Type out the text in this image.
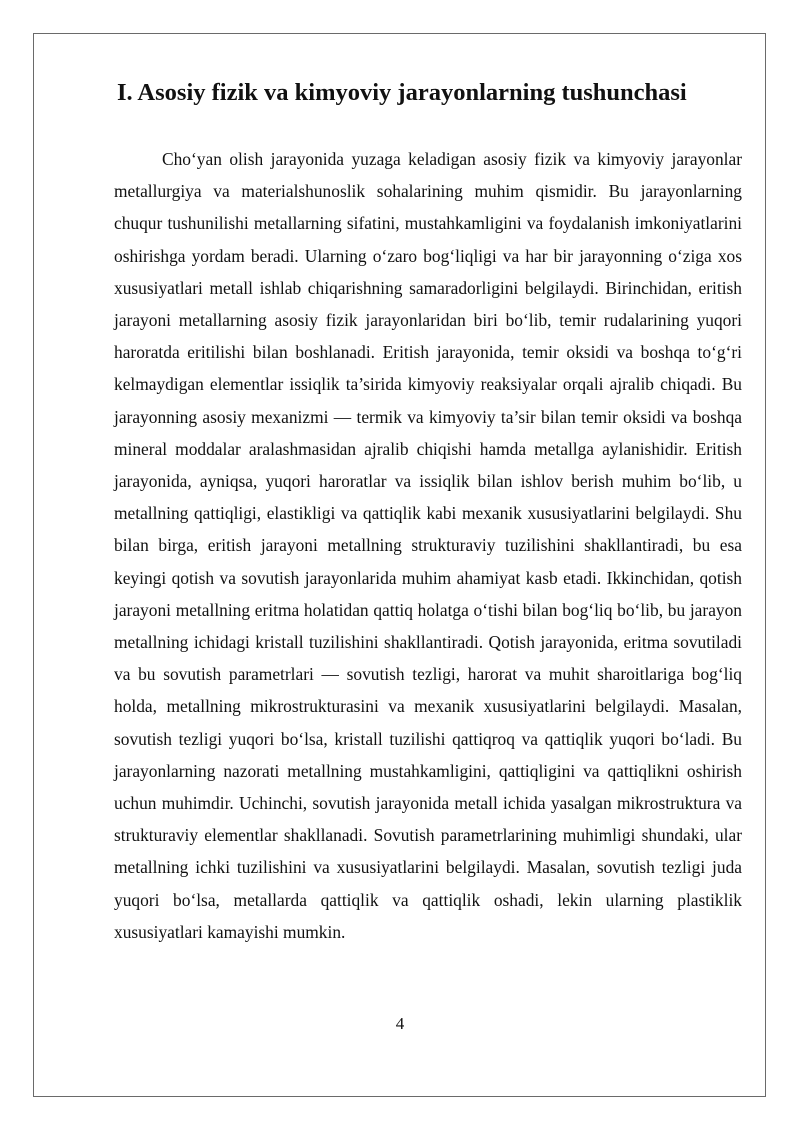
I. Asosiy fizik va kimyoviy jarayonlarning tushunchasi

Cho‘yan olish jarayonida yuzaga keladigan asosiy fizik va kimyoviy jarayonlar metallurgiya va materialshunoslik sohalarining muhim qismidir. Bu jarayonlarning chuqur tushunilishi metallarning sifatini, mustahkamligini va foydalanish imkoniyatlarini oshirishga yordam beradi. Ularning o‘zaro bog‘liqligi va har bir jarayonning o‘ziga xos xususiyatlari metall ishlab chiqarishning samaradorligini belgilaydi. Birinchidan, eritish jarayoni metallarning asosiy fizik jarayonlaridan biri bo‘lib, temir rudalarining yuqori haroratda eritilishi bilan boshlanadi. Eritish jarayonida, temir oksidi va boshqa to‘g‘ri kelmaydigan elementlar issiqlik ta’sirida kimyoviy reaksiyalar orqali ajralib chiqadi. Bu jarayonning asosiy mexanizmi — termik va kimyoviy ta’sir bilan temir oksidi va boshqa mineral moddalar aralashmasidan ajralib chiqishi hamda metallga aylanishidir. Eritish jarayonida, ayniqsa, yuqori haroratlar va issiqlik bilan ishlov berish muhim bo‘lib, u metallning qattiqligi, elastikligi va qattiqlik kabi mexanik xususiyatlarini belgilaydi. Shu bilan birga, eritish jarayoni metallning strukturaviy tuzilishini shakllantiradi, bu esa keyingi qotish va sovutish jarayonlarida muhim ahamiyat kasb etadi. Ikkinchidan, qotish jarayoni metallning eritma holatidan qattiq holatga o‘tishi bilan bog‘liq bo‘lib, bu jarayon metallning ichidagi kristall tuzilishini shakllantiradi. Qotish jarayonida, eritma sovutiladi va bu sovutish parametrlari — sovutish tezligi, harorat va muhit sharoitlariga bog‘liq holda, metallning mikrostrukturasini va mexanik xususiyatlarini belgilaydi. Masalan, sovutish tezligi yuqori bo‘lsa, kristall tuzilishi qattiqroq va qattiqlik yuqori bo‘ladi. Bu jarayonlarning nazorati metallning mustahkamligini, qattiqligini va qattiqlikni oshirish uchun muhimdir. Uchinchi, sovutish jarayonida metall ichida yasalgan mikrostruktura va strukturaviy elementlar shakllanadi. Sovutish parametrlarining muhimligi shundaki, ular metallning ichki tuzilishini va xususiyatlarini belgilaydi. Masalan, sovutish tezligi juda yuqori bo‘lsa, metallarda qattiqlik va qattiqlik oshadi, lekin ularning plastiklik xususiyatlari kamayishi mumkin.

4
